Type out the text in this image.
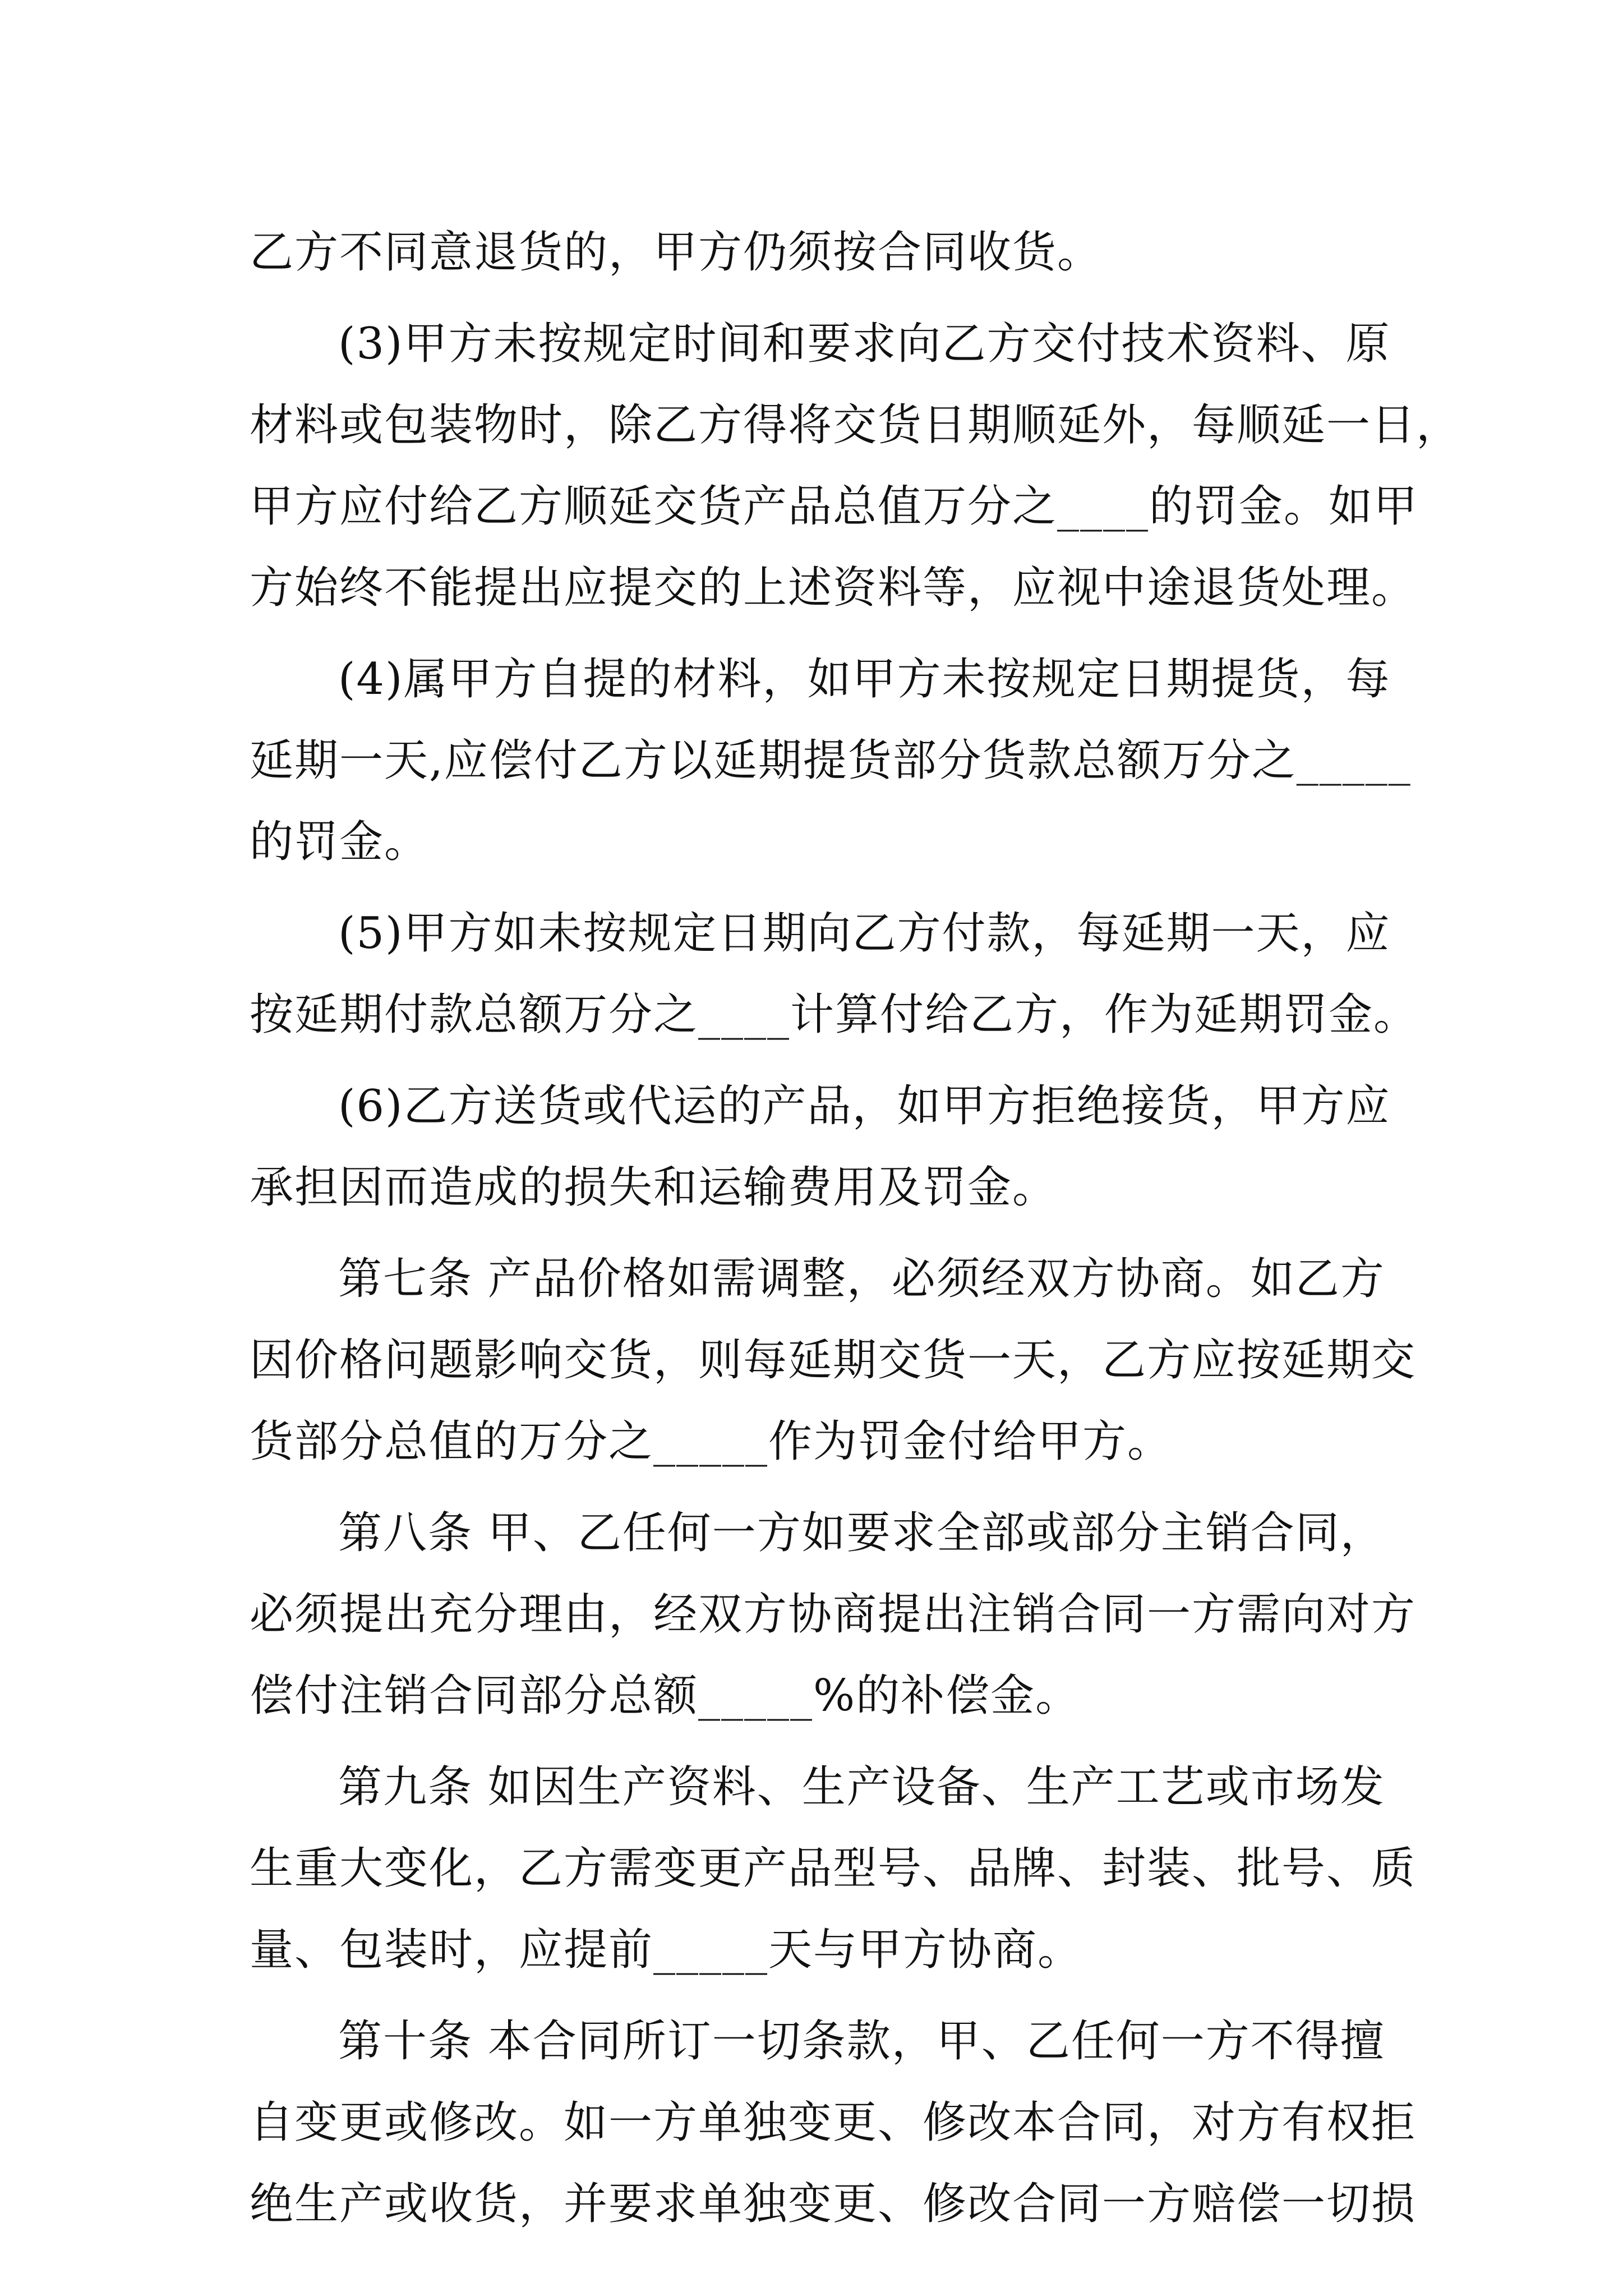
乙方不同意退货的，甲方仍须按合同收货。
(3)甲方未按规定时间和要求向乙方交付技术资料、原
材料或包装物时，除乙方得将交货日期顺延外，每顺延一日，
甲方应付给乙方顺延交货产品总值万分之____的罚金。如甲
方始终不能提出应提交的上述资料等，应视中途退货处理。
(4)属甲方自提的材料，如甲方未按规定日期提货，每
延期一天,应偿付乙方以延期提货部分货款总额万分之_____
的罚金。
(5)甲方如未按规定日期向乙方付款，每延期一天，应
按延期付款总额万分之____计算付给乙方，作为延期罚金。
(6)乙方送货或代运的产品，如甲方拒绝接货，甲方应
承担因而造成的损失和运输费用及罚金。
第七条 产品价格如需调整，必须经双方协商。如乙方
因价格问题影响交货，则每延期交货一天，乙方应按延期交
货部分总值的万分之_____作为罚金付给甲方。
第八条 甲、乙任何一方如要求全部或部分主销合同，
必须提出充分理由，经双方协商提出注销合同一方需向对方
偿付注销合同部分总额_____%的补偿金。
第九条 如因生产资料、生产设备、生产工艺或市场发
生重大变化，乙方需变更产品型号、品牌、封装、批号、质
量、包装时，应提前_____天与甲方协商。
第十条 本合同所订一切条款，甲、乙任何一方不得擅
自变更或修改。如一方单独变更、修改本合同，对方有权拒
绝生产或收货，并要求单独变更、修改合同一方赔偿一切损
